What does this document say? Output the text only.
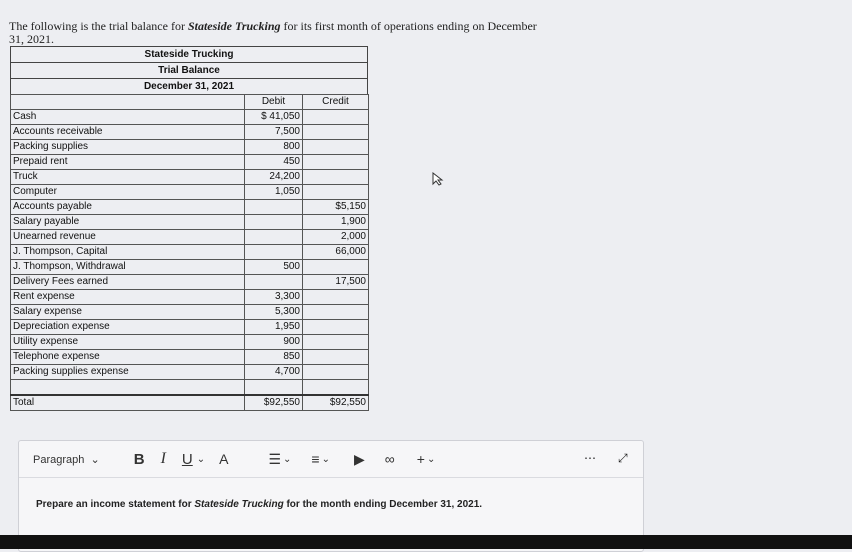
The following is the trial balance for Stateside Trucking for its first month of operations ending on December 31, 2021.
Stateside Trucking
Trial Balance
December 31, 2021
	Debit	Credit
Cash	$ 41,050	
Accounts receivable	7,500	
Packing supplies	800	
Prepaid rent	450	
Truck	24,200	
Computer	1,050	
Accounts payable		$5,150
Salary payable		1,900
Unearned revenue		2,000
J. Thompson, Capital		66,000
J. Thompson, Withdrawal	500	
Delivery Fees earned		17,500
Rent expense	3,300	
Salary expense	5,300	
Depreciation expense	1,950	
Utility expense	900	
Telephone expense	850	
Packing supplies expense	4,700	

Total	$92,550	$92,550
Paragraph ⌄ B I U ⌄ A	☰ ⌄ ≡ ⌄ ▶ ∞ + ⌄
Prepare an income statement for Stateside Trucking for the month ending December 31, 2021.
⋯ ⤢
